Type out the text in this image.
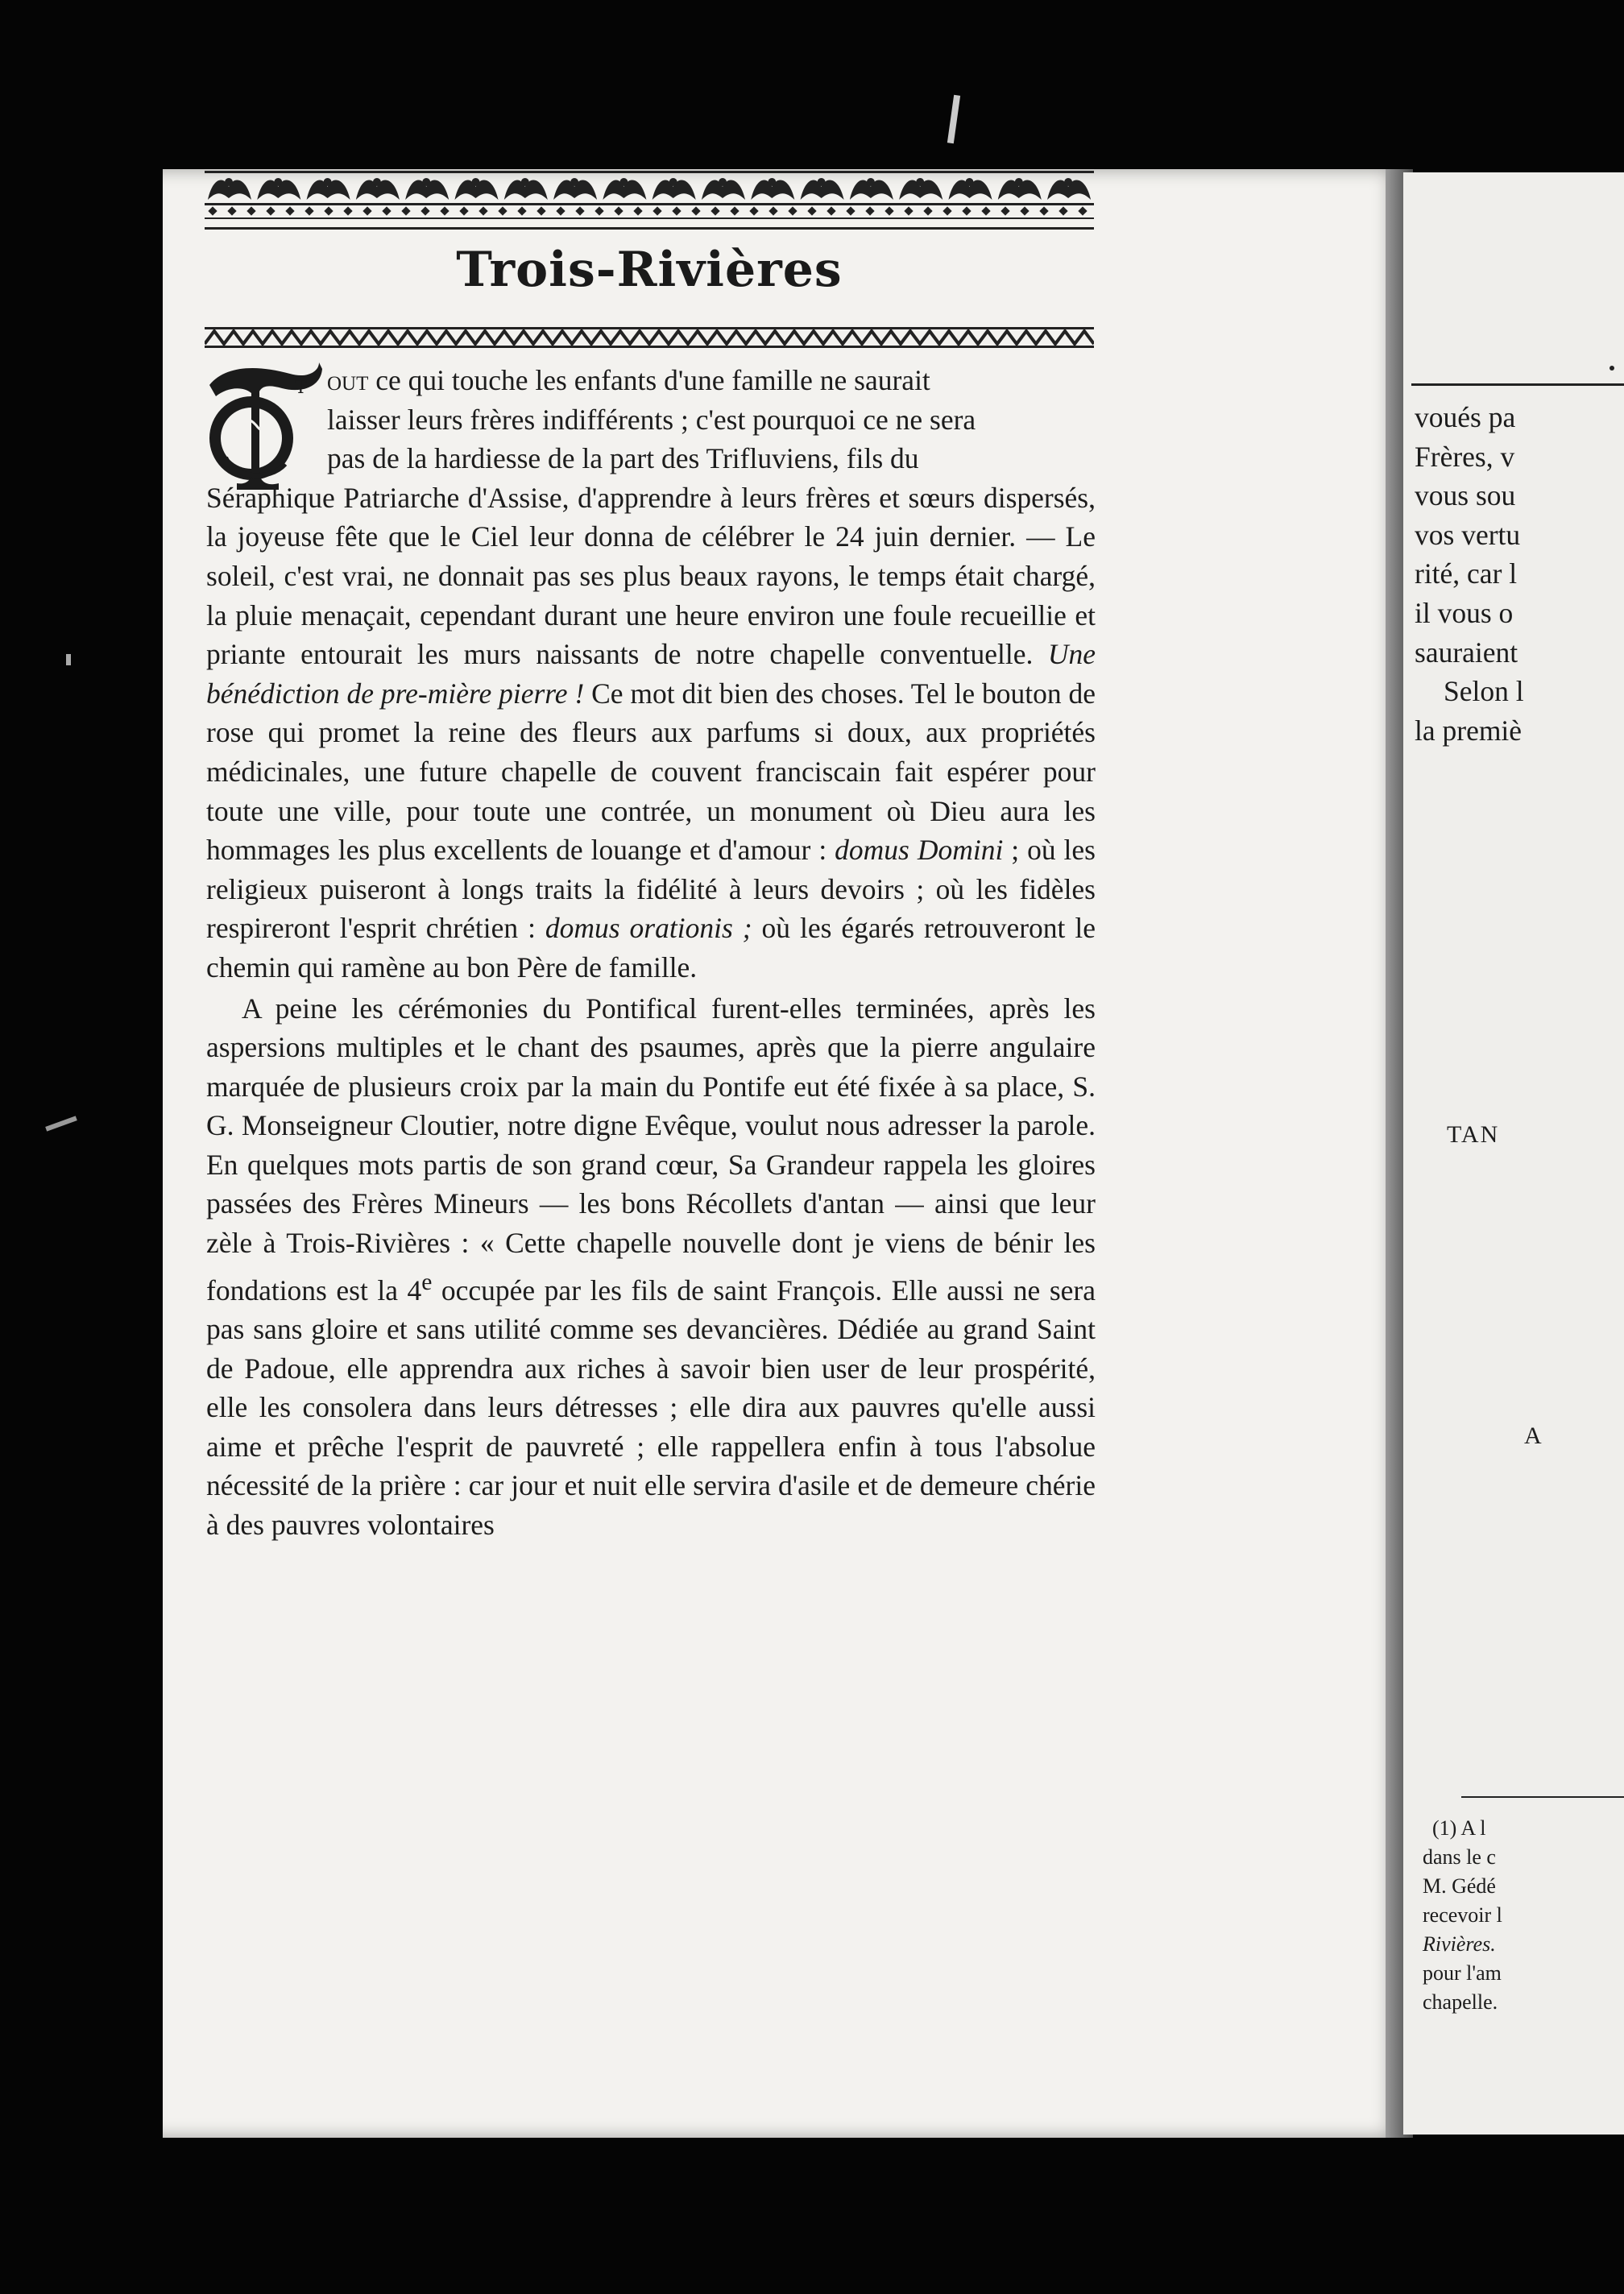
voués pa
Frères, v
vous sou
vos vertu
rité, car l
il vous o
sauraient
Selon l
la premiè
TAN
A
(1) A l
dans le c
M. Gédé
recevoir l
Rivières.
pour l'am
chapelle.
Trois-Rivières
T out ce qui touche les enfants d'une famille ne saurait
laisser leurs frères indifférents ; c'est pourquoi ce ne sera
pas de la hardiesse de la part des Trifluviens, fils du
Séraphique Patriarche d'Assise, d'apprendre à leurs frères et sœurs dispersés, la joyeuse fête que le Ciel leur donna de célébrer le 24 juin dernier. — Le soleil, c'est vrai, ne donnait pas ses plus beaux rayons, le temps était chargé, la pluie menaçait, cependant durant une heure environ une foule recueillie et priante entourait les murs naissants de notre chapelle conventuelle. Une bénédiction de pre-mière pierre ! Ce mot dit bien des choses. Tel le bouton de rose qui promet la reine des fleurs aux parfums si doux, aux propriétés médicinales, une future chapelle de couvent franciscain fait espérer pour toute une ville, pour toute une contrée, un monument où Dieu aura les hommages les plus excellents de louange et d'amour : domus Domini ; où les religieux puiseront à longs traits la fidélité à leurs devoirs ; où les fidèles respireront l'esprit chrétien : domus orationis ; où les égarés retrouveront le chemin qui ramène au bon Père de famille.

A peine les cérémonies du Pontifical furent-elles terminées, après les aspersions multiples et le chant des psaumes, après que la pierre angulaire marquée de plusieurs croix par la main du Pontife eut été fixée à sa place, S. G. Monseigneur Cloutier, notre digne Evêque, voulut nous adresser la parole. En quelques mots partis de son grand cœur, Sa Grandeur rappela les gloires passées des Frères Mineurs — les bons Récollets d'antan — ainsi que leur zèle à Trois-Rivières : « Cette chapelle nouvelle dont je viens de bénir les fondations est la 4e occupée par les fils de saint François. Elle aussi ne sera pas sans gloire et sans utilité comme ses devancières. Dédiée au grand Saint de Padoue, elle apprendra aux riches à savoir bien user de leur prospérité, elle les consolera dans leurs détresses ; elle dira aux pauvres qu'elle aussi aime et prêche l'esprit de pauvreté ; elle rappellera enfin à tous l'absolue nécessité de la prière : car jour et nuit elle servira d'asile et de demeure chérie à des pauvres volontaires
